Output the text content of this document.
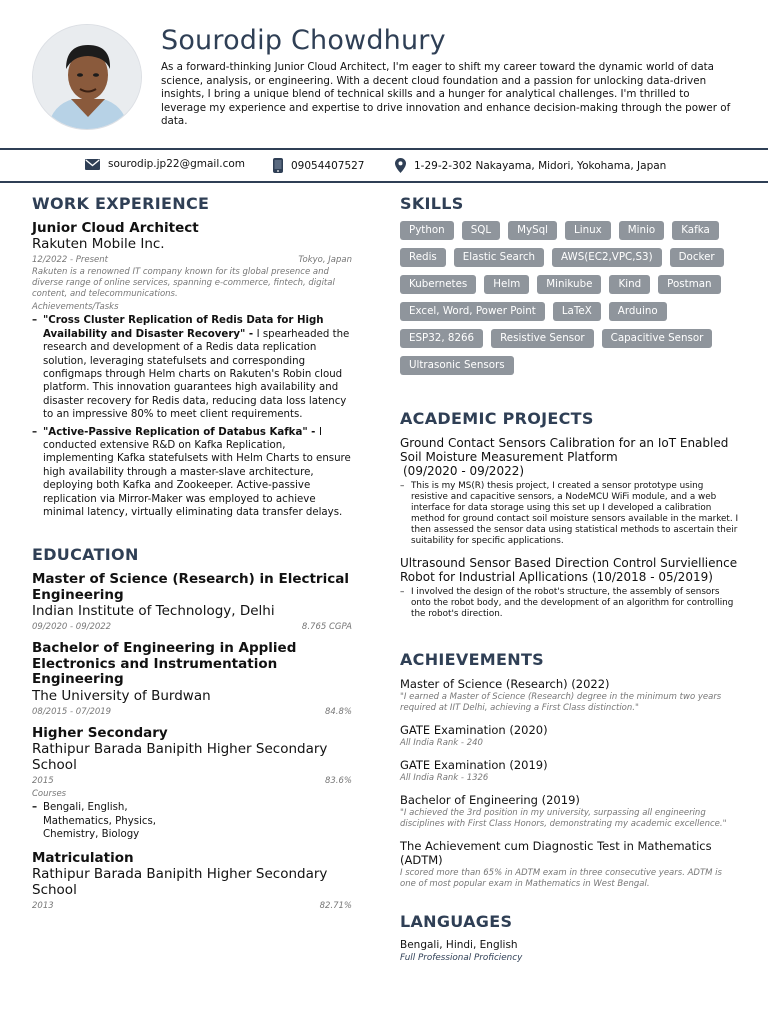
Sourodip Chowdhury
As a forward-thinking Junior Cloud Architect, I'm eager to shift my career toward the dynamic world of data science, analysis, or engineering. With a decent cloud foundation and a passion for unlocking data-driven insights, I bring a unique blend of technical skills and a hunger for analytical challenges. I'm thrilled to leverage my experience and expertise to drive innovation and enhance decision-making through the power of data.
sourodip.jp22@gmail.com	09054407527	1-29-2-302 Nakayama, Midori, Yokohama, Japan
WORK EXPERIENCE
Junior Cloud Architect
Rakuten Mobile Inc.
12/2022 - Present	Tokyo, Japan
Rakuten is a renowned IT company known for its global presence and diverse range of online services, spanning e-commerce, fintech, digital content, and telecommunications.
Achievements/Tasks
– "Cross Cluster Replication of Redis Data for High Availability and Disaster Recovery" - I spearheaded the research and development of a Redis data replication solution, leveraging statefulsets and corresponding configmaps through Helm charts on Rakuten's Robin cloud platform. This innovation guarantees high availability and disaster recovery for Redis data, reducing data loss latency to an impressive 80% to meet client requirements.
– "Active-Passive Replication of Databus Kafka" - I conducted extensive R&D on Kafka Replication, implementing Kafka statefulsets with Helm Charts to ensure high availability through a master-slave architecture, deploying both Kafka and Zookeeper. Active-passive replication via Mirror-Maker was employed to achieve minimal latency, virtually eliminating data transfer delays.
EDUCATION
Master of Science (Research) in Electrical Engineering
Indian Institute of Technology, Delhi
09/2020 - 09/2022	8.765 CGPA
Bachelor of Engineering in Applied Electronics and Instrumentation Engineering
The University of Burdwan
08/2015 - 07/2019	84.8%
Higher Secondary
Rathipur Barada Banipith Higher Secondary School
2015	83.6%
Courses
– Bengali, English, Mathematics, Physics, Chemistry, Biology
Matriculation
Rathipur Barada Banipith Higher Secondary School
2013	82.71%
SKILLS
Python	SQL	MySql	Linux	Minio	Kafka
Redis	Elastic Search	AWS(EC2,VPC,S3)	Docker
Kubernetes	Helm	Minikube	Kind	Postman
Excel, Word, Power Point	LaTeX	Arduino
ESP32, 8266	Resistive Sensor	Capacitive Sensor
Ultrasonic Sensors
ACADEMIC PROJECTS
Ground Contact Sensors Calibration for an IoT Enabled Soil Moisture Measurement Platform
(09/2020 - 09/2022)
– This is my MS(R) thesis project, I created a sensor prototype using resistive and capacitive sensors, a NodeMCU WiFi module, and a web interface for data storage using this set up I developed a calibration method for ground contact soil moisture sensors available in the market. I then assessed the sensor data using statistical methods to ascertain their suitability for specific applications.
Ultrasound Sensor Based Direction Control Surviellience Robot for Industrial Apllications (10/2018 - 05/2019)
– I involved the design of the robot's structure, the assembly of sensors onto the robot body, and the development of an algorithm for controlling the robot's direction.
ACHIEVEMENTS
Master of Science (Research) (2022)
"I earned a Master of Science (Research) degree in the minimum two years required at IIT Delhi, achieving a First Class distinction."
GATE Examination (2020)
All India Rank - 240
GATE Examination (2019)
All India Rank - 1326
Bachelor of Engineering (2019)
"I achieved the 3rd position in my university, surpassing all engineering disciplines with First Class Honors, demonstrating my academic excellence."
The Achievement cum Diagnostic Test in Mathematics (ADTM)
I scored more than 65% in ADTM exam in three consecutive years. ADTM is one of most popular exam in Mathematics in West Bengal.
LANGUAGES
Bengali, Hindi, English
Full Professional Proficiency
